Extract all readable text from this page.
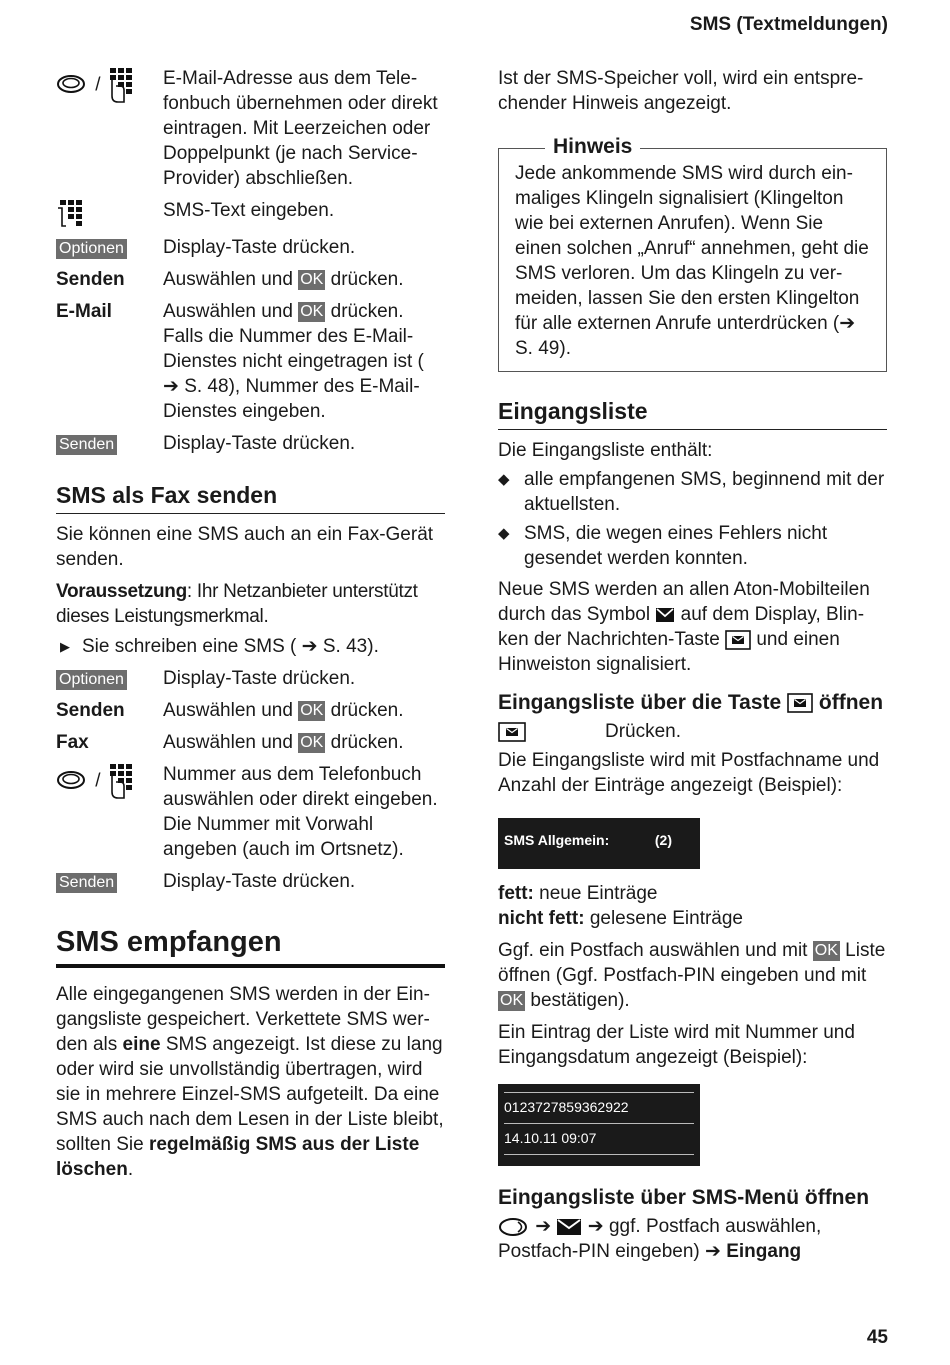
SMS (Textmeldungen)
/	E-Mail-Adresse aus dem Telefonbuch übernehmen oder direkt eintragen. Mit Leerzeichen oder Doppelpunkt (je nach Service-Provider) abschließen.
SMS-Text eingeben.
Optionen	Display-Taste drücken.
Senden	Auswählen und OK drücken.
E-Mail	Auswählen und OK drücken. Falls die Nummer des E-Mail-Dienstes nicht eingetragen ist ( ➔ S. 48), Nummer des E-Mail-Dienstes eingeben.
Senden	Display-Taste drücken.
SMS als Fax senden

Sie können eine SMS auch an ein Fax-Gerät senden.

Voraussetzung: Ihr Netzanbieter unterstützt dieses Leistungsmerkmal.

▶ Sie schreiben eine SMS ( ➔ S. 43).
Optionen	Display-Taste drücken.
Senden	Auswählen und OK drücken.
Fax	Auswählen und OK drücken.
/	Nummer aus dem Telefonbuch auswählen oder direkt eingeben. Die Nummer mit Vorwahl angeben (auch im Ortsnetz).
Senden	Display-Taste drücken.
SMS empfangen

Alle eingegangenen SMS werden in der Eingangsliste gespeichert. Verkettete SMS werden als eine SMS angezeigt. Ist diese zu lang oder wird sie unvollständig übertragen, wird sie in mehrere Einzel-SMS aufgeteilt. Da eine SMS auch nach dem Lesen in der Liste bleibt, sollten Sie regelmäßig SMS aus der Liste löschen.

Ist der SMS-Speicher voll, wird ein entsprechender Hinweis angezeigt.

Hinweis

Jede ankommende SMS wird durch einmaliges Klingeln signalisiert (Klingelton wie bei externen Anrufen). Wenn Sie einen solchen „Anruf“ annehmen, geht die SMS verloren. Um das Klingeln zu vermeiden, lassen Sie den ersten Klingelton für alle externen Anrufe unterdrücken (➔ S. 49).

Eingangsliste

Die Eingangsliste enthält:

◆ alle empfangenen SMS, beginnend mit der aktuellsten.
◆ SMS, die wegen eines Fehlers nicht gesendet werden konnten.

Neue SMS werden an allen Aton-Mobilteilen durch das Symbol auf dem Display, Blinken der Nachrichten-Taste und einen Hinweiston signalisiert.

Eingangsliste über die Taste öffnen
Drücken.

Die Eingangsliste wird mit Postfachname und Anzahl der Einträge angezeigt (Beispiel):

SMS Allgemein:	(2)

fett: neue Einträge

nicht fett: gelesene Einträge

Ggf. ein Postfach auswählen und mit OK Liste öffnen (Ggf. Postfach-PIN eingeben und mit OK bestätigen).

Ein Eintrag der Liste wird mit Nummer und Eingangsdatum angezeigt (Beispiel):

0123727859362922
14.10.11 09:07
Eingangsliste über SMS-Menü öffnen

➔  ➔ ggf. Postfach auswählen,
Postfach-PIN eingeben) ➔ Eingang

45
